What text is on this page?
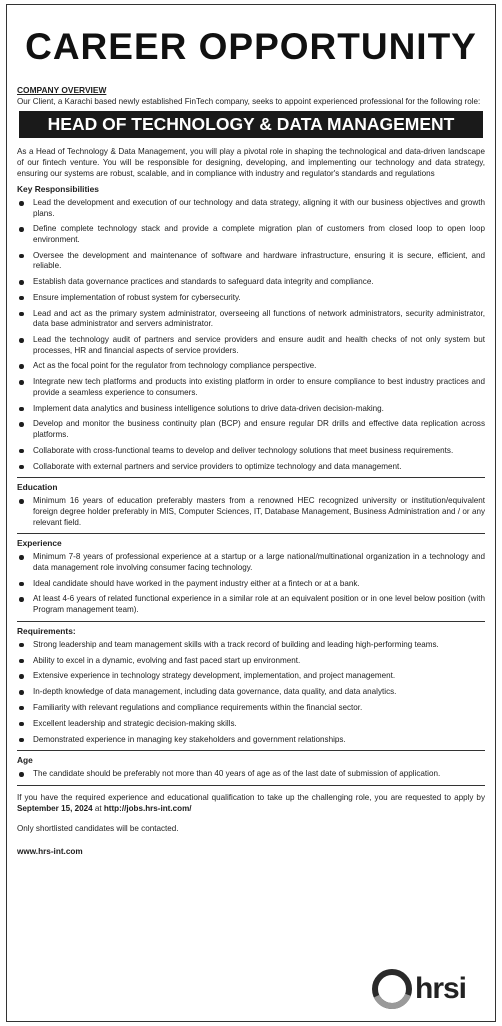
CAREER OPPORTUNITY
COMPANY OVERVIEW
Our Client, a Karachi based newly established FinTech company, seeks to appoint experienced professional for the following role:
HEAD OF TECHNOLOGY & DATA MANAGEMENT
As a Head of Technology & Data Management, you will play a pivotal role in shaping the technological and data-driven landscape of our fintech venture. You will be responsible for designing, developing, and implementing our technology and data strategy, ensuring our systems are robust, scalable, and in compliance with industry and regulator's standards and regulations
Key Responsibilities
Lead the development and execution of our technology and data strategy, aligning it with our business objectives and growth plans.
Define complete technology stack and provide a complete migration plan of customers from closed loop to open loop environment.
Oversee the development and maintenance of software and hardware infrastructure, ensuring it is secure, efficient, and reliable.
Establish data governance practices and standards to safeguard data integrity and compliance.
Ensure implementation of robust system for cybersecurity.
Lead and act as the primary system administrator, overseeing all functions of network administrators, security administrator, data base administrator and servers administrator.
Lead the technology audit of partners and service providers and ensure audit and health checks of not only system but processes, HR and financial aspects of service providers.
Act as the focal point for the regulator from technology compliance perspective.
Integrate new tech platforms and products into existing platform in order to ensure compliance to best industry practices and provide a seamless experience to consumers.
Implement data analytics and business intelligence solutions to drive data-driven decision-making.
Develop and monitor the business continuity plan (BCP) and ensure regular DR drills and effective data replication across platforms.
Collaborate with cross-functional teams to develop and deliver technology solutions that meet business requirements.
Collaborate with external partners and service providers to optimize technology and data management.
Education
Minimum 16 years of education preferably masters from a renowned HEC recognized university or institution/equivalent foreign degree holder preferably in MIS, Computer Sciences, IT, Database Management, Business Administration and / or any relevant field.
Experience
Minimum 7-8 years of professional experience at a startup or a large national/multinational organization in a technology and data management role involving consumer facing technology.
Ideal candidate should have worked in the payment industry either at a fintech or at a bank.
At least 4-6 years of related functional experience in a similar role at an equivalent position or in one level below position (with Program management team).
Requirements:
Strong leadership and team management skills with a track record of building and leading high-performing teams.
Ability to excel in a dynamic, evolving and fast paced start up environment.
Extensive experience in technology strategy development, implementation, and project management.
In-depth knowledge of data management, including data governance, data quality, and data analytics.
Familiarity with relevant regulations and compliance requirements within the financial sector.
Excellent leadership and strategic decision-making skills.
Demonstrated experience in managing key stakeholders and government relationships.
Age
The candidate should be preferably not more than 40 years of age as of the last date of submission of application.
If you have the required experience and educational qualification to take up the challenging role, you are requested to apply by September 15, 2024 at http://jobs.hrs-int.com/
Only shortlisted candidates will be contacted.
www.hrs-int.com
hrsi
